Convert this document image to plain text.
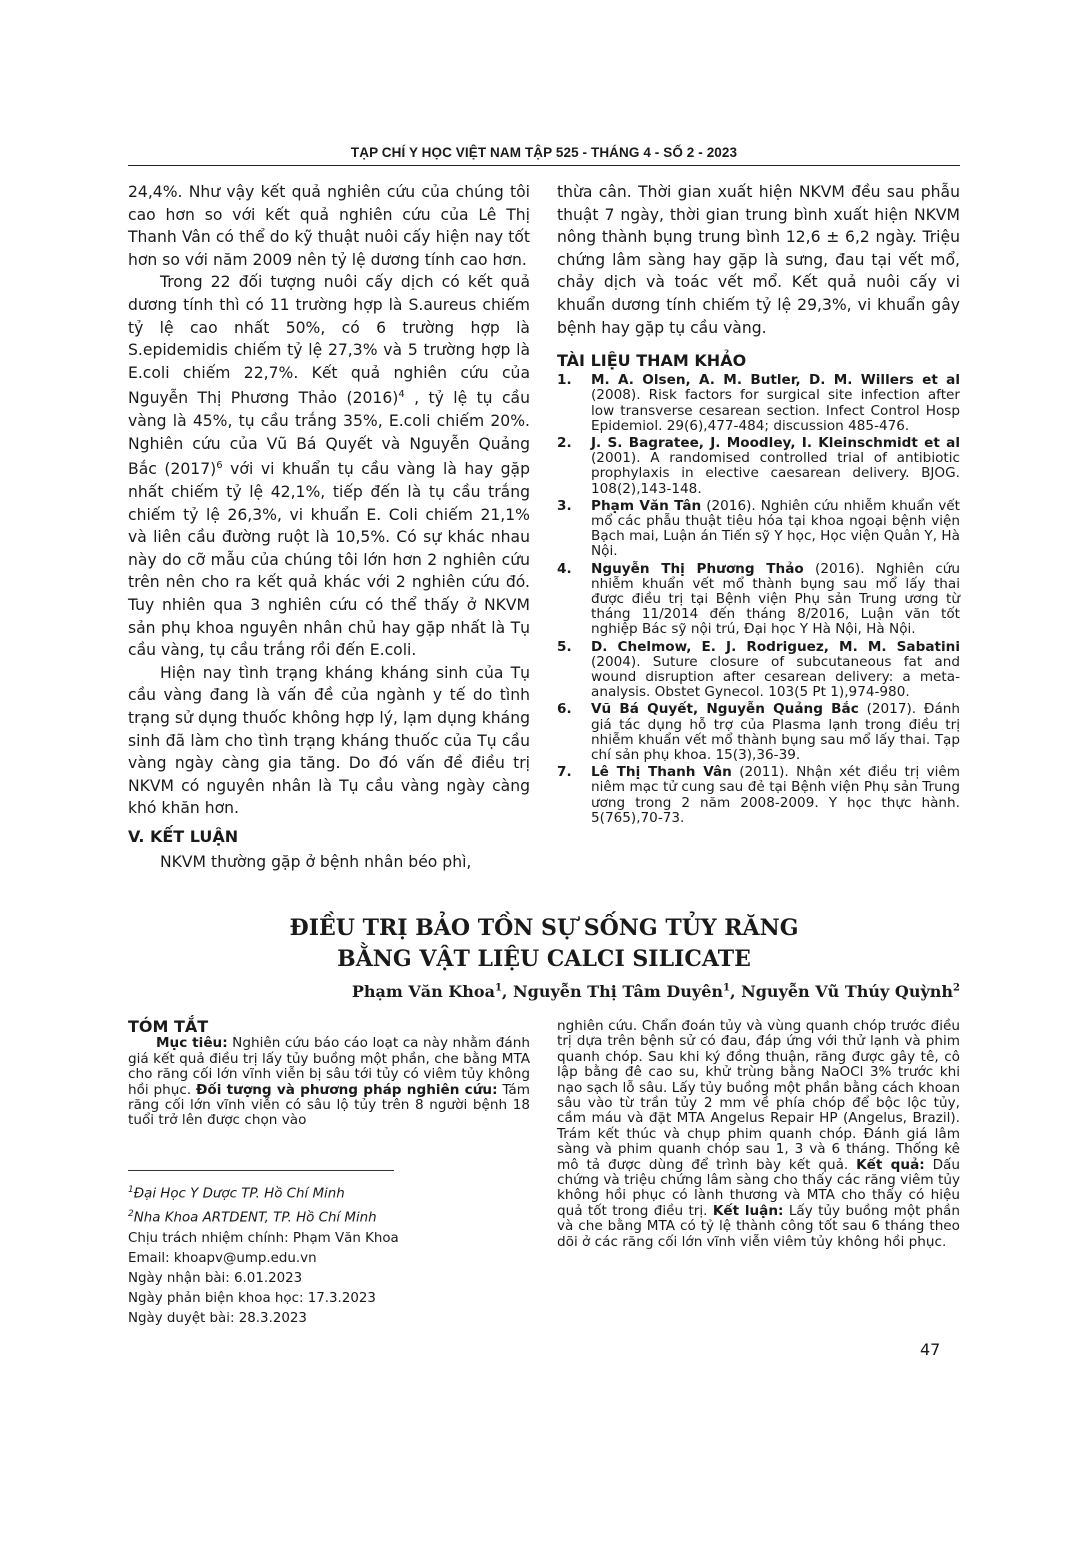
TẠP CHÍ Y HỌC VIỆT NAM TẬP 525 - THÁNG 4 - SỐ 2 - 2023

24,4%. Như vậy kết quả nghiên cứu của chúng tôi cao hơn so với kết quả nghiên cứu của Lê Thị Thanh Vân có thể do kỹ thuật nuôi cấy hiện nay tốt hơn so với năm 2009 nên tỷ lệ dương tính cao hơn.

Trong 22 đối tượng nuôi cấy dịch có kết quả dương tính thì có 11 trường hợp là S.aureus chiếm tỷ lệ cao nhất 50%, có 6 trường hợp là S.epidemidis chiếm tỷ lệ 27,3% và 5 trường hợp là E.coli chiếm 22,7%. Kết quả nghiên cứu của Nguyễn Thị Phương Thảo $(2016)^4$ , tỷ lệ tụ cầu vàng là 45%, tụ cầu trắng 35%, E.coli chiếm 20%. Nghiên cứu của Vũ Bá Quyết và Nguyễn Quảng Bắc $(2017)^6$ với vi khuẩn tụ cầu vàng là hay gặp nhất chiếm tỷ lệ 42,1%, tiếp đến là tụ cầu trắng chiếm tỷ lệ 26,3%, vi khuẩn E. Coli chiếm 21,1% và liên cầu đường ruột là 10,5%. Có sự khác nhau này do cỡ mẫu của chúng tôi lớn hơn 2 nghiên cứu trên nên cho ra kết quả khác với 2 nghiên cứu đó. Tuy nhiên qua 3 nghiên cứu có thể thấy ở NKVM sản phụ khoa nguyên nhân chủ hay gặp nhất là Tụ cầu vàng, tụ cầu trắng rồi đến E.coli.

Hiện nay tình trạng kháng kháng sinh của Tụ cầu vàng đang là vấn đề của ngành y tế do tình trạng sử dụng thuốc không hợp lý, lạm dụng kháng sinh đã làm cho tình trạng kháng thuốc của Tụ cầu vàng ngày càng gia tăng. Do đó vấn đề điều trị NKVM có nguyên nhân là Tụ cầu vàng ngày càng khó khăn hơn.

V. KẾT LUẬN

NKVM thường gặp ở bệnh nhân béo phì,

thừa cân. Thời gian xuất hiện NKVM đều sau phẫu thuật 7 ngày, thời gian trung bình xuất hiện NKVM nông thành bụng trung bình 12,6 ± 6,2 ngày. Triệu chứng lâm sàng hay gặp là sưng, đau tại vết mổ, chảy dịch và toác vết mổ. Kết quả nuôi cấy vi khuẩn dương tính chiếm tỷ lệ 29,3%, vi khuẩn gây bệnh hay gặp tụ cầu vàng.
TÀI LIỆU THAM KHẢO
1.	M. A. Olsen, A. M. Butler, D. M. Willers et al (2008). Risk factors for surgical site infection after low transverse cesarean section. Infect Control Hosp Epidemiol. 29(6),477-484; discussion 485-476.
2.	J. S. Bagratee, J. Moodley, I. Kleinschmidt et al (2001). A randomised controlled trial of antibiotic prophylaxis in elective caesarean delivery. BJOG. 108(2),143-148.
3.	Phạm Văn Tân (2016). Nghiên cứu nhiễm khuẩn vết mổ các phẫu thuật tiêu hóa tại khoa ngoại bệnh viện Bạch mai, Luận án Tiến sỹ Y học, Học viện Quân Y, Hà Nội.
4.	Nguyễn Thị Phương Thảo (2016). Nghiên cứu nhiễm khuẩn vết mổ thành bụng sau mổ lấy thai được điều trị tại Bệnh viện Phụ sản Trung ương từ tháng 11/2014 đến tháng 8/2016, Luận văn tốt nghiệp Bác sỹ nội trú, Đại học Y Hà Nội, Hà Nội.
5.	D. Chelmow, E. J. Rodriguez, M. M. Sabatini (2004). Suture closure of subcutaneous fat and wound disruption after cesarean delivery: a meta-analysis. Obstet Gynecol. 103(5 Pt 1),974-980.
6.	Vũ Bá Quyết, Nguyễn Quảng Bắc (2017). Đánh giá tác dụng hỗ trợ của Plasma lạnh trong điều trị nhiễm khuẩn vết mổ thành bụng sau mổ lấy thai. Tạp chí sản phụ khoa. 15(3),36-39.
7.	Lê Thị Thanh Vân (2011). Nhận xét điều trị viêm niêm mạc tử cung sau đẻ tại Bệnh viện Phụ sản Trung ương trong 2 năm 2008-2009. Y học thực hành. 5(765),70-73.
ĐIỀU TRỊ BẢO TỒN SỰ SỐNG TỦY RĂNG
BẰNG VẬT LIỆU CALCI SILICATE
Phạm Văn Khoa$^1$, Nguyễn Thị Tâm Duyên$^1$, Nguyễn Vũ Thúy Quỳnh$^2$
TÓM TẮT

Mục tiêu: Nghiên cứu báo cáo loạt ca này nhằm đánh giá kết quả điều trị lấy tủy buồng một phần, che bằng MTA cho răng cối lớn vĩnh viễn bị sâu tới tủy có viêm tủy không hồi phục. Đối tượng và phương pháp nghiên cứu: Tám răng cối lớn vĩnh viễn có sâu lộ tủy trên 8 người bệnh 18 tuổi trở lên được chọn vào

nghiên cứu. Chẩn đoán tủy và vùng quanh chóp trước điều trị dựa trên bệnh sử có đau, đáp ứng với thử lạnh và phim quanh chóp. Sau khi ký đồng thuận, răng được gây tê, cô lập bằng đê cao su, khử trùng bằng NaOCl 3% trước khi nạo sạch lỗ sâu. Lấy tủy buồng một phần bằng cách khoan sâu vào từ trần tủy 2 mm về phía chóp để bộc lộc tủy, cầm máu và đặt MTA Angelus Repair HP (Angelus, Brazil). Trám kết thúc và chụp phim quanh chóp. Đánh giá lâm sàng và phim quanh chóp sau 1, 3 và 6 tháng. Thống kê mô tả được dùng để trình bày kết quả. Kết quả: Dấu chứng và triệu chứng lâm sàng cho thấy các răng viêm tủy không hồi phục có lành thương và MTA cho thấy có hiệu quả tốt trong điều trị. Kết luận: Lấy tủy buồng một phần và che bằng MTA có tỷ lệ thành công tốt sau 6 tháng theo dõi ở các răng cối lớn vĩnh viễn viêm tủy không hồi phục.

$^1$Đại Học Y Dược TP. Hồ Chí Minh
$^2$Nha Khoa ARTDENT, TP. Hồ Chí Minh
Chịu trách nhiệm chính: Phạm Văn Khoa
Email: khoapv@ump.edu.vn
Ngày nhận bài: 6.01.2023
Ngày phản biện khoa học: 17.3.2023
Ngày duyệt bài: 28.3.2023
47
